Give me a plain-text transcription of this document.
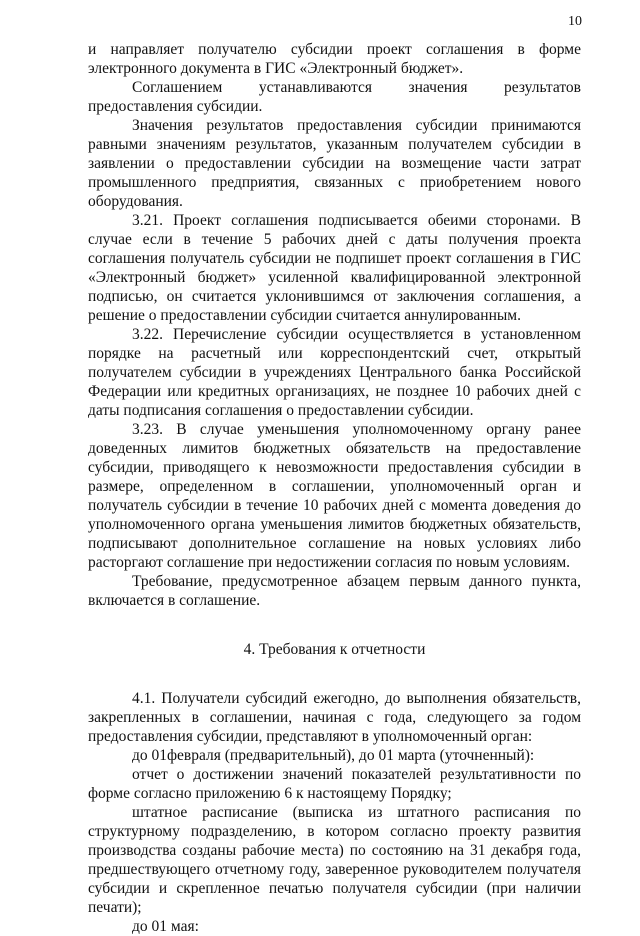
10

и направляет получателю субсидии проект соглашения в форме электронного документа в ГИС «Электронный бюджет».

Соглашением устанавливаются значения результатов предоставления субсидии.

Значения результатов предоставления субсидии принимаются равными значениям результатов, указанным получателем субсидии в заявлении о предоставлении субсидии на возмещение части затрат промышленного предприятия, связанных с приобретением нового оборудования.

3.21. Проект соглашения подписывается обеими сторонами. В случае если в течение 5 рабочих дней с даты получения проекта соглашения получатель субсидии не подпишет проект соглашения в ГИС «Электронный бюджет» усиленной квалифицированной электронной подписью, он считается уклонившимся от заключения соглашения, а решение о предоставлении субсидии считается аннулированным.

3.22. Перечисление субсидии осуществляется в установленном порядке на расчетный или корреспондентский счет, открытый получателем субсидии в учреждениях Центрального банка Российской Федерации или кредитных организациях, не позднее 10 рабочих дней с даты подписания соглашения о предоставлении субсидии.

3.23. В случае уменьшения уполномоченному органу ранее доведенных лимитов бюджетных обязательств на предоставление субсидии, приводящего к невозможности предоставления субсидии в размере, определенном в соглашении, уполномоченный орган и получатель субсидии в течение 10 рабочих дней с момента доведения до уполномоченного органа уменьшения лимитов бюджетных обязательств, подписывают дополнительное соглашение на новых условиях либо расторгают соглашение при недостижении согласия по новым условиям.

Требование, предусмотренное абзацем первым данного пункта, включается в соглашение.

4. Требования к отчетности

4.1. Получатели субсидий ежегодно, до выполнения обязательств, закрепленных в соглашении, начиная с года, следующего за годом предоставления субсидии, представляют в уполномоченный орган:

до 01февраля (предварительный), до 01 марта (уточненный):

отчет о достижении значений показателей результативности по форме согласно приложению 6 к настоящему Порядку;

штатное расписание (выписка из штатного расписания по структурному подразделению, в котором согласно проекту развития производства созданы рабочие места) по состоянию на 31 декабря года, предшествующего отчетному году, заверенное руководителем получателя субсидии и скрепленное печатью получателя субсидии (при наличии печати);

до 01 мая:
